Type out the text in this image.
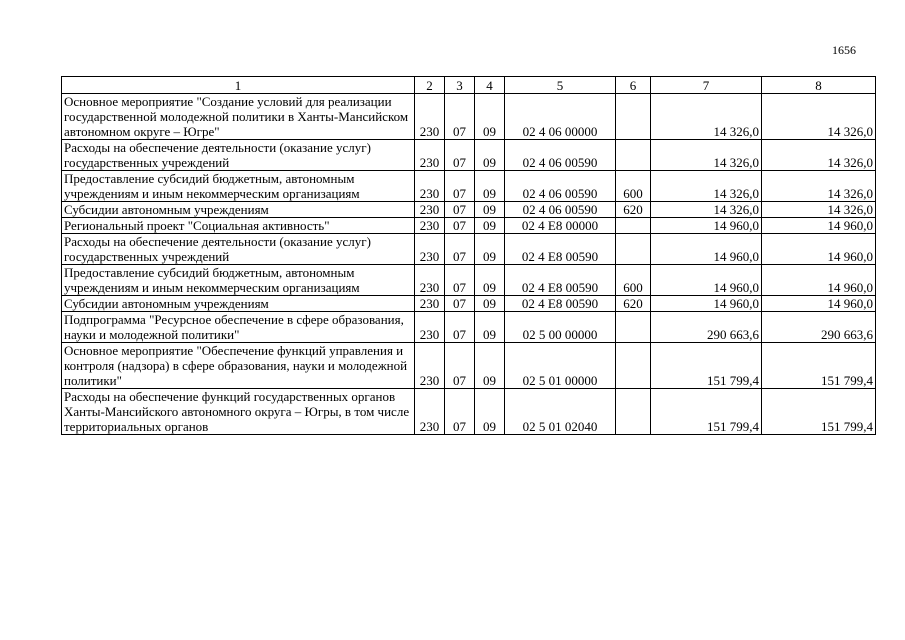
1656
1	2	3	4	5	6	7	8
Основное мероприятие "Создание условий для реализации государственной молодежной политики в Ханты-Мансийском автономном округе – Югре"	230	07	09	02 4 06 00000		14 326,0	14 326,0
Расходы на обеспечение деятельности (оказание услуг) государственных учреждений	230	07	09	02 4 06 00590		14 326,0	14 326,0
Предоставление субсидий бюджетным, автономным учреждениям и иным некоммерческим организациям	230	07	09	02 4 06 00590	600	14 326,0	14 326,0
Субсидии автономным учреждениям	230	07	09	02 4 06 00590	620	14 326,0	14 326,0
Региональный проект "Социальная активность"	230	07	09	02 4 E8 00000		14 960,0	14 960,0
Расходы на обеспечение деятельности (оказание услуг) государственных учреждений	230	07	09	02 4 E8 00590		14 960,0	14 960,0
Предоставление субсидий бюджетным, автономным учреждениям и иным некоммерческим организациям	230	07	09	02 4 E8 00590	600	14 960,0	14 960,0
Субсидии автономным учреждениям	230	07	09	02 4 E8 00590	620	14 960,0	14 960,0
Подпрограмма "Ресурсное обеспечение в сфере образования, науки и молодежной политики"	230	07	09	02 5 00 00000		290 663,6	290 663,6
Основное мероприятие "Обеспечение функций управления и контроля (надзора) в сфере образования, науки и молодежной политики"	230	07	09	02 5 01 00000		151 799,4	151 799,4
Расходы на обеспечение функций государственных органов Ханты-Мансийского автономного округа – Югры, в том числе территориальных органов	230	07	09	02 5 01 02040		151 799,4	151 799,4
